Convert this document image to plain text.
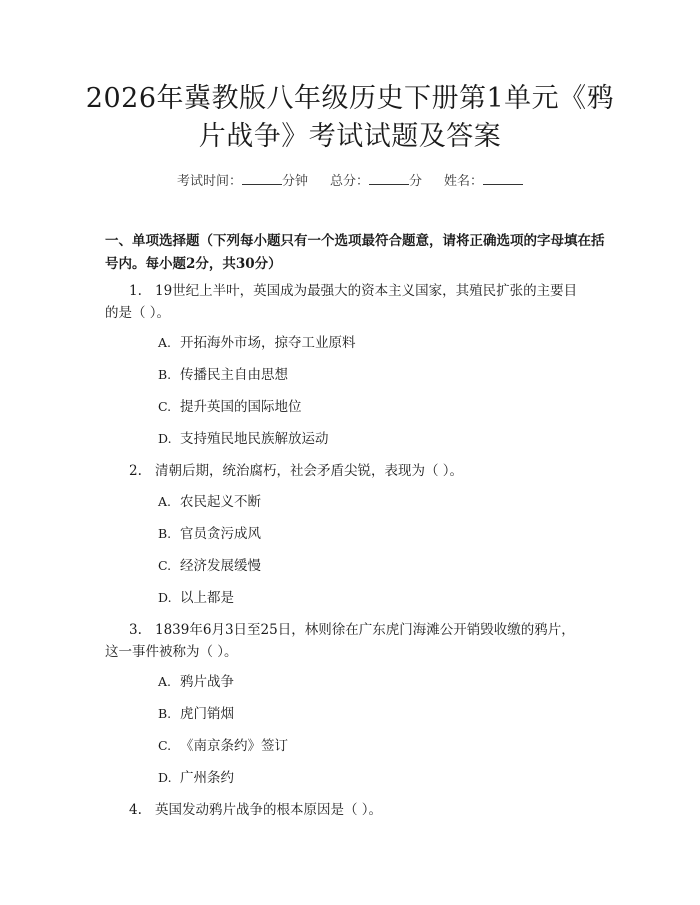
2026年冀教版八年级历史下册第1单元《鸦
片战争》考试试题及答案
考试时间：	分钟 总分：	分 姓名：
一、单项选择题（下列每小题只有一个选项最符合题意，请将正确选项的字母填在括号内。每小题2分，共30分）
1. 19世纪上半叶，英国成为最强大的资本主义国家，其殖民扩张的主要目
的是（ ）。
A. 开拓海外市场，掠夺工业原料
B. 传播民主自由思想
C. 提升英国的国际地位
D. 支持殖民地民族解放运动
2. 清朝后期，统治腐朽，社会矛盾尖锐，表现为（ ）。
A. 农民起义不断
B. 官员贪污成风
C. 经济发展缓慢
D. 以上都是
3. 1839年6月3日至25日，林则徐在广东虎门海滩公开销毁收缴的鸦片，
这一事件被称为（ ）。
A. 鸦片战争
B. 虎门销烟
C. 《南京条约》签订
D. 广州条约
4. 英国发动鸦片战争的根本原因是（ ）。
